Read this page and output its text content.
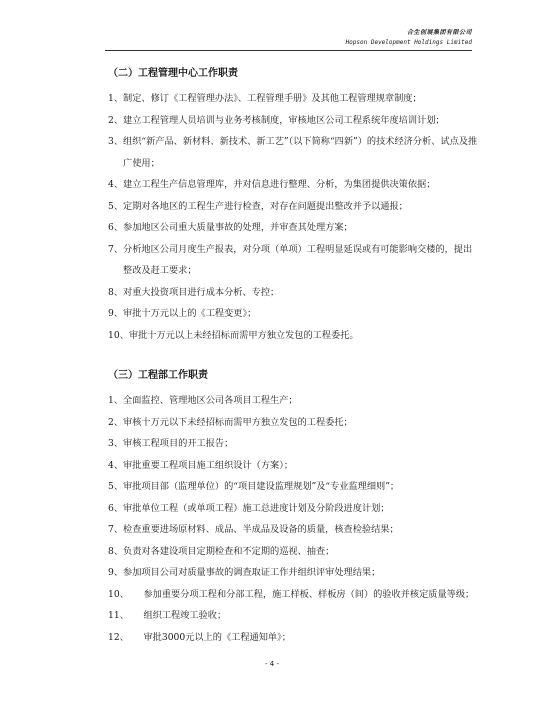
合生创展集团有限公司
Hopson Development Holdings Limited
（二）工程管理中心工作职责
1、 制定、修订《工程管理办法》、工程管理手册》及其他工程管理规章制度；
2、 建立工程管理人员培训与业务考核制度，审核地区公司工程系统年度培训计划；
3、 组织“新产品、新材料、新技术、新工艺”（以下简称“四新”）的技术经济分析、试点及推广使用；
4、 建立工程生产信息管理库，并对信息进行整理、分析，为集团提供决策依据；
5、 定期对各地区的工程生产进行检查，对存在问题提出整改并予以通报；
6、 参加地区公司重大质量事故的处理，并审查其处理方案；
7、 分析地区公司月度生产报表，对分项（单项）工程明显延误或有可能影响交楼的，提出整改及赶工要求；
8、 对重大投资项目进行成本分析、专控；
9、 审批十万元以上的《工程变更》；
10、 审批十万元以上未经招标而需甲方独立发包的工程委托。
（三）工程部工作职责
1、 全面监控、管理地区公司各项目工程生产；
2、 审核十万元以下未经招标而需甲方独立发包的工程委托；
3、 审核工程项目的开工报告；
4、 审批重要工程项目施工组织设计（方案）；
5、 审批项目部（监理单位）的“项目建设监理规划”及“专业监理细则”；
6、 审批单位工程（或单项工程）施工总进度计划及分阶段进度计划；
7、 检查重要进场原材料、成品、半成品及设备的质量，核查检验结果；
8、 负责对各建设项目定期检查和不定期的巡视、抽查；
9、 参加项目公司对质量事故的调查取证工作并组织评审处理结果；
10、 参加重要分项工程和分部工程，施工样板、样板房（间）的验收并核定质量等级；
11、 组织工程竣工验收；
12、 审批3000元以上的《工程通知单》；
- 4 -
